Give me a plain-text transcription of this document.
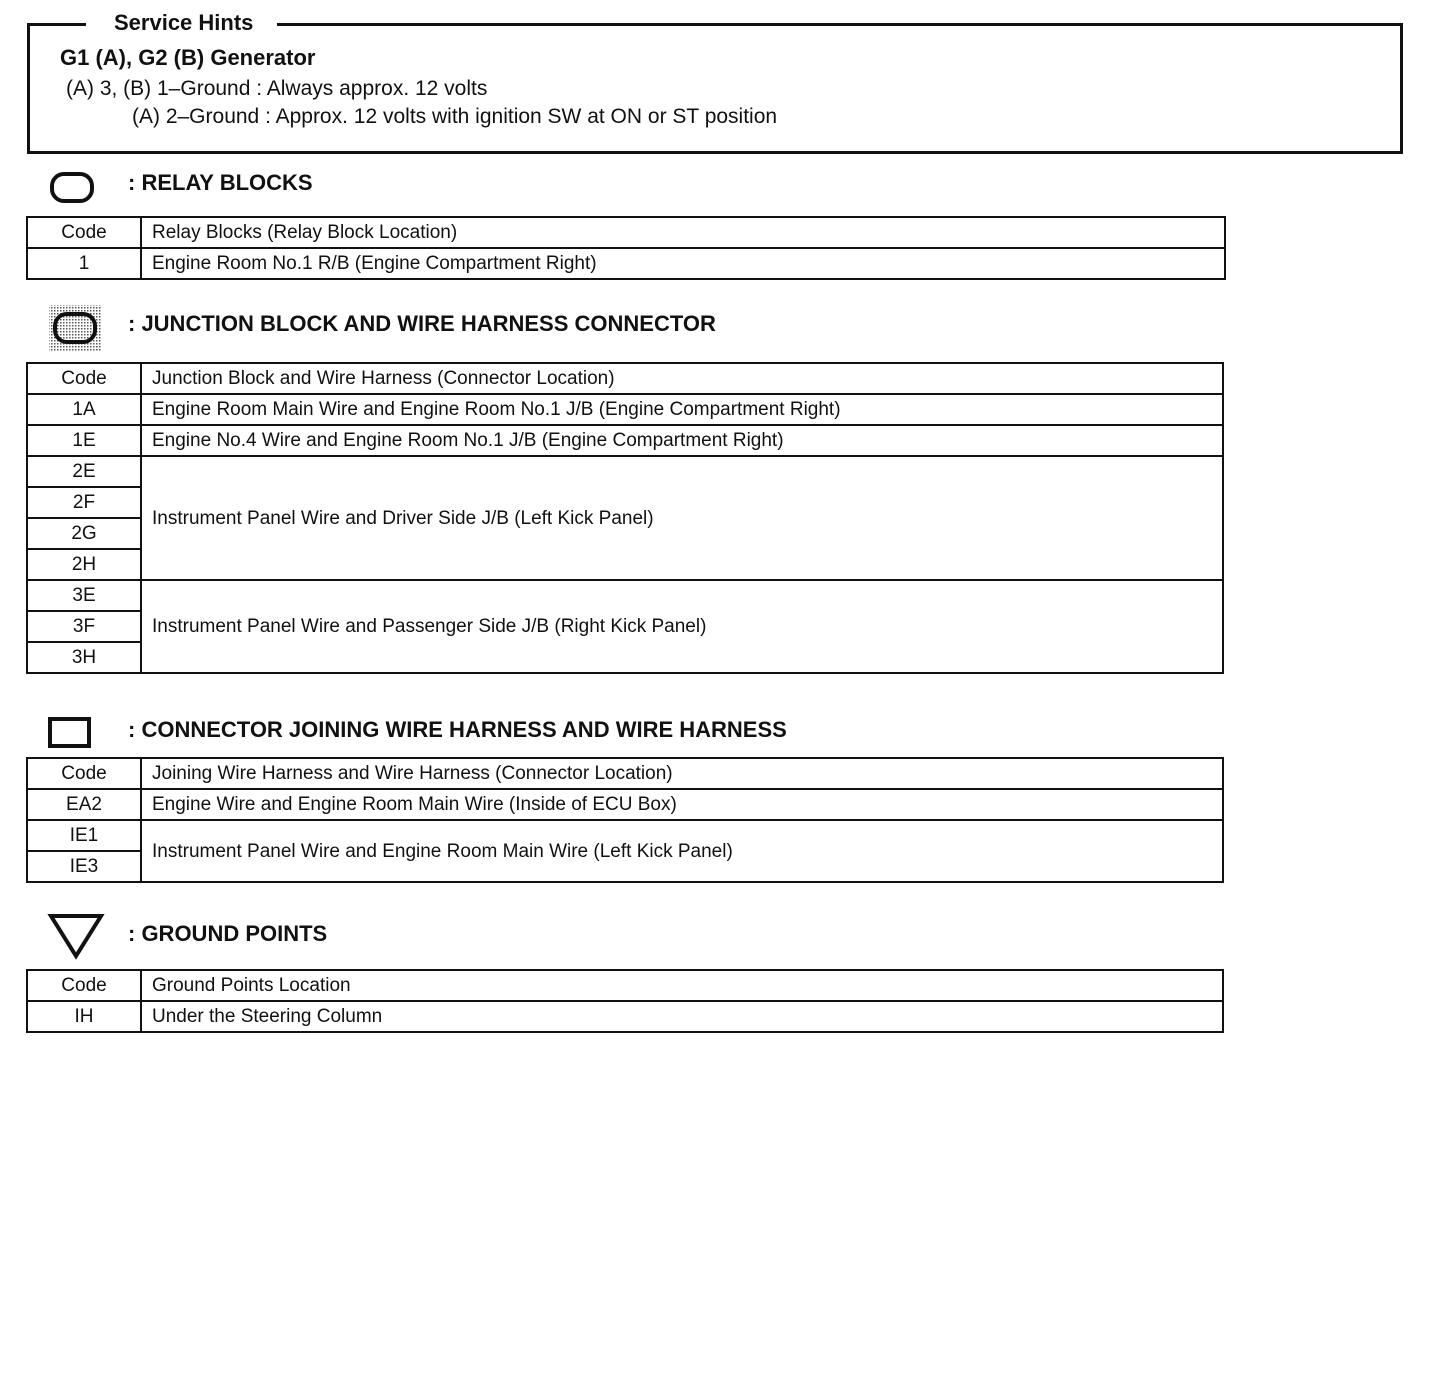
Service Hints
G1 (A), G2 (B) Generator
(A) 3, (B) 1–Ground : Always approx. 12 volts
(A) 2–Ground : Approx. 12 volts with ignition SW at ON or ST position
: RELAY BLOCKS
Code	Relay Blocks (Relay Block Location)
1	Engine Room No.1 R/B (Engine Compartment Right)
: JUNCTION BLOCK AND WIRE HARNESS CONNECTOR
Code	Junction Block and Wire Harness (Connector Location)
1A	Engine Room Main Wire and Engine Room No.1 J/B (Engine Compartment Right)
1E	Engine No.4 Wire and Engine Room No.1 J/B (Engine Compartment Right)
2E	Instrument Panel Wire and Driver Side J/B (Left Kick Panel)
2F	
2G	
2H	
3E	Instrument Panel Wire and Passenger Side J/B (Right Kick Panel)
3F	
3H	
: CONNECTOR JOINING WIRE HARNESS AND WIRE HARNESS
Code	Joining Wire Harness and Wire Harness (Connector Location)
EA2	Engine Wire and Engine Room Main Wire (Inside of ECU Box)
IE1	Instrument Panel Wire and Engine Room Main Wire (Left Kick Panel)
IE3	
: GROUND POINTS
Code	Ground Points Location
IH	Under the Steering Column
